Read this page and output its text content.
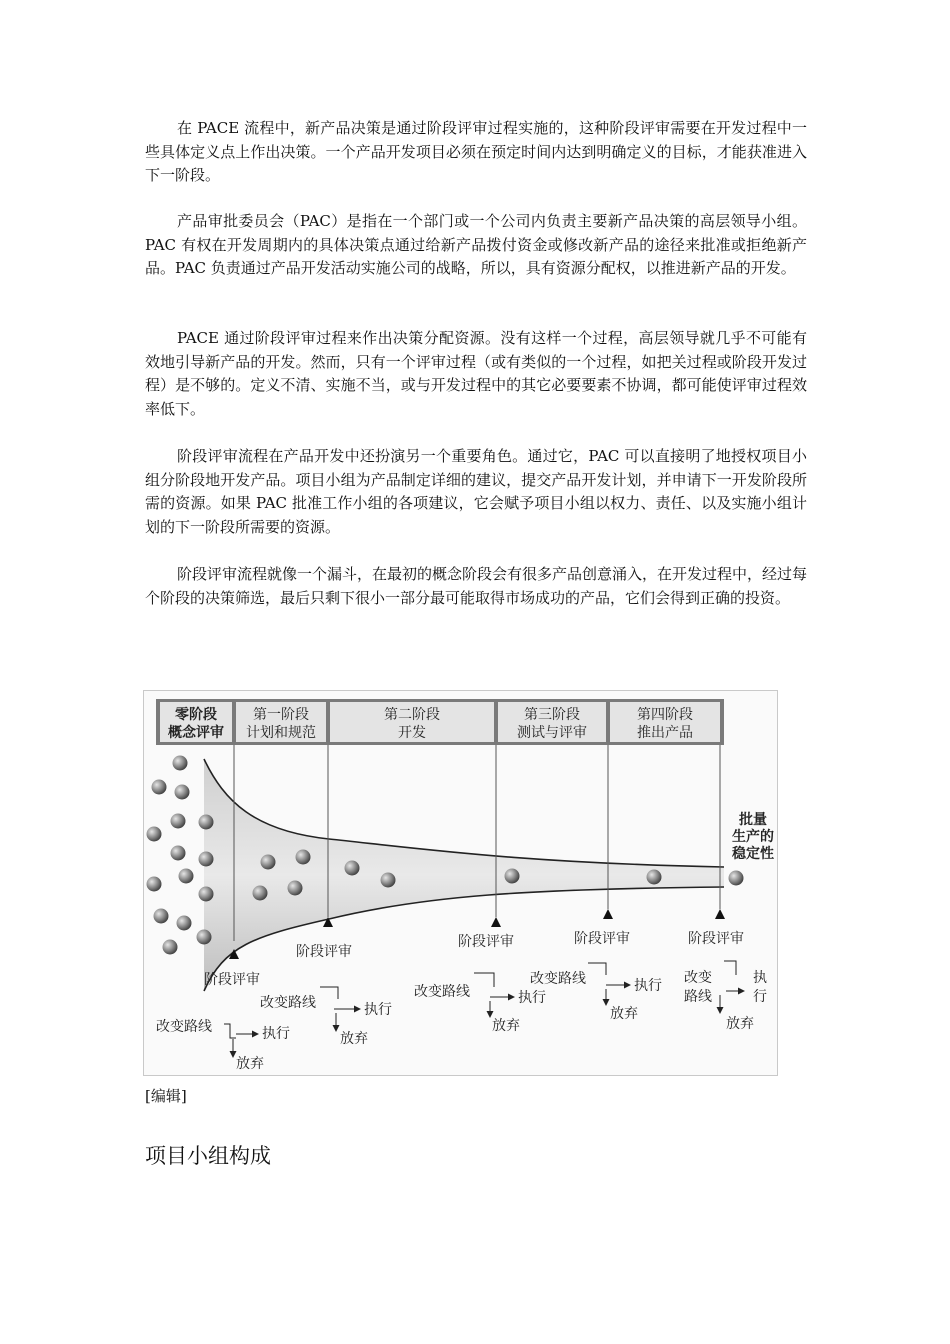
在 PACE 流程中，新产品决策是通过阶段评审过程实施的，这种阶段评审需要在开发过程中一些具体定义点上作出决策。一个产品开发项目必须在预定时间内达到明确定义的目标，才能获准进入下一阶段。

产品审批委员会（PAC）是指在一个部门或一个公司内负责主要新产品决策的高层领导小组。PAC 有权在开发周期内的具体决策点通过给新产品拨付资金或修改新产品的途径来批准或拒绝新产品。PAC 负责通过产品开发活动实施公司的战略，所以，具有资源分配权，以推进新产品的开发。

PACE 通过阶段评审过程来作出决策分配资源。没有这样一个过程，高层领导就几乎不可能有效地引导新产品的开发。然而，只有一个评审过程（或有类似的一个过程，如把关过程或阶段开发过程）是不够的。定义不清、实施不当，或与开发过程中的其它必要要素不协调，都可能使评审过程效率低下。

阶段评审流程在产品开发中还扮演另一个重要角色。通过它，PAC 可以直接明了地授权项目小组分阶段地开发产品。项目小组为产品制定详细的建议，提交产品开发计划，并申请下一开发阶段所需的资源。如果 PAC 批准工作小组的各项建议，它会赋予项目小组以权力、责任、以及实施小组计划的下一阶段所需要的资源。

阶段评审流程就像一个漏斗，在最初的概念阶段会有很多产品创意涌入，在开发过程中，经过每个阶段的决策筛选，最后只剩下很小一部分最可能取得市场成功的产品，它们会得到正确的投资。

零阶段
概念评审
第一阶段
计划和规范
第二阶段
开发
第三阶段
测试与评审
第四阶段
推出产品
批量
生产的
稳定性
阶段评审
阶段评审
阶段评审	阶段评审	阶段评审
改变路线	执行
放弃
改变路线	执行
放弃
改变路线	执行
放弃
改变路线	执行
放弃
改变
路线
执
行
放弃
[编辑]
项目小组构成
